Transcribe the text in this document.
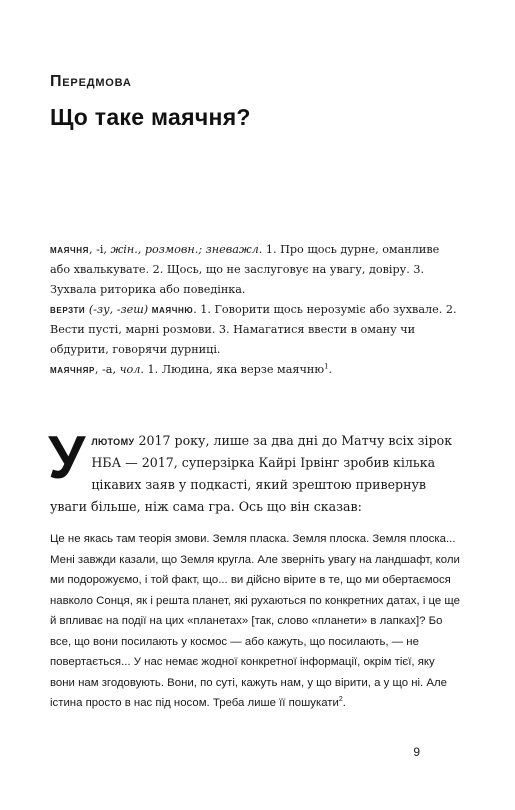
Передмова
Що таке маячня?

маячня, -і, жін., розмовн.; зневажл. 1. Про щось дурне, оманливе або хвалькувате. 2. Щось, що не заслуговує на увагу, довіру. 3. Зухвала риторика або поведінка.

верзти (-зу, -зеш) маячню. 1. Говорити щось нерозуміє або зухвале. 2. Вести пусті, марні розмови. 3. Намагатися ввести в оману чи обдурити, говорячи дурниці.

маячняр, -а, чол. 1. Людина, яка верзе маячню$^1$.

Улютому 2017 року, лише за два дні до Матчу всіх зірок НБА — 2017, суперзірка Кайрі Ірвінг зробив кілька цікавих заяв у подкасті, який зрештою привернув уваги більше, ніж сама гра. Ось що він сказав:

Це не якась там теорія змови. Земля пласка. Земля плоска. Земля плоска... Мені завжди казали, що Земля кругла. Але зверніть увагу на ландшафт, коли ми подорожуємо, і той факт, що... ви дійсно вірите в те, що ми обертаємося навколо Сонця, як і решта планет, які рухаються по конкретних датах, і це ще й впливає на події на цих «планетах» [так, слово «планети» в лапках]? Бо все, що вони посилають у космос — або кажуть, що посилають, — не повертається... У нас немає жодної конкретної інформації, окрім тієї, яку вони нам згодовують. Вони, по суті, кажуть нам, у що вірити, а у що ні. Але істина просто в нас під носом. Треба лише її пошукати$^2$.

9
